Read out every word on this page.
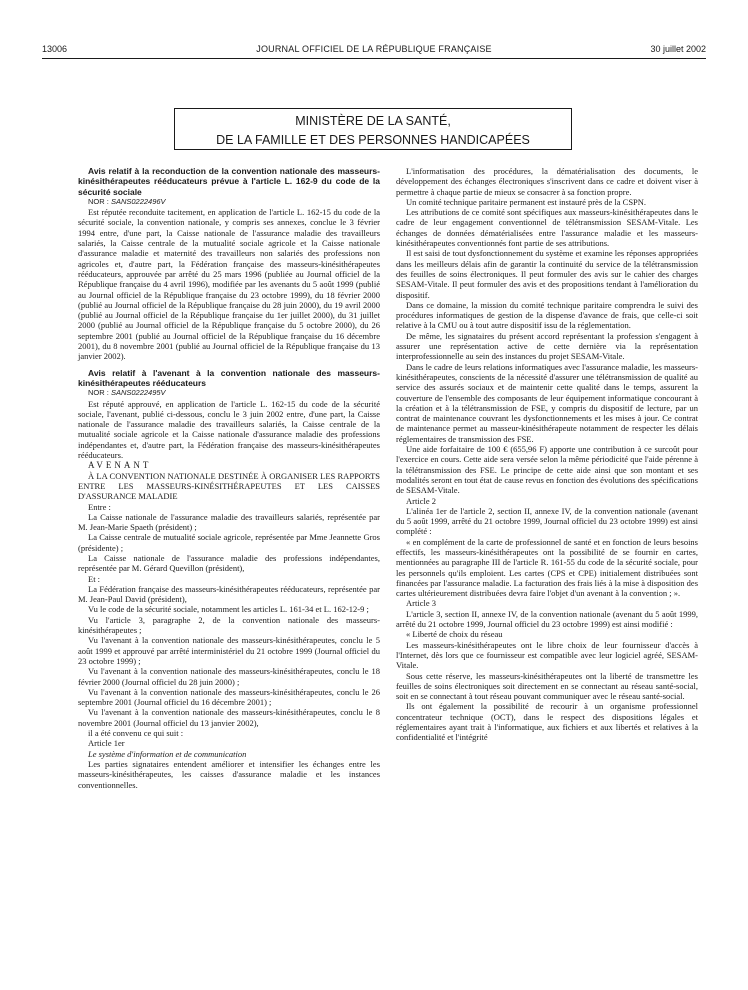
13006	JOURNAL OFFICIEL DE LA RÉPUBLIQUE FRANÇAISE	30 juillet 2002
MINISTÈRE DE LA SANTÉ,
DE LA FAMILLE ET DES PERSONNES HANDICAPÉES

Avis relatif à la reconduction de la convention nationale des masseurs-kinésithérapeutes rééducateurs prévue à l'article L. 162-9 du code de la sécurité sociale

NOR : SANS0222496V

Est réputée reconduite tacitement, en application de l'article L. 162-15 du code de la sécurité sociale, la convention nationale, y compris ses annexes, conclue le 3 février 1994 entre, d'une part, la Caisse nationale de l'assurance maladie des travailleurs salariés, la Caisse centrale de la mutualité sociale agricole et la Caisse nationale d'assurance maladie et maternité des travailleurs non salariés des professions non agricoles et, d'autre part, la Fédération française des masseurs-kinésithérapeutes rééducateurs, approuvée par arrêté du 25 mars 1996 (publiée au Journal officiel de la République française du 4 avril 1996), modifiée par les avenants du 5 août 1999 (publié au Journal officiel de la République française du 23 octobre 1999), du 18 février 2000 (publié au Journal officiel de la République française du 28 juin 2000), du 19 avril 2000 (publié au Journal officiel de la République française du 1er juillet 2000), du 31 juillet 2000 (publié au Journal officiel de la République française du 5 octobre 2000), du 26 septembre 2001 (publié au Journal officiel de la République française du 16 décembre 2001), du 8 novembre 2001 (publié au Journal officiel de la République française du 13 janvier 2002).

Avis relatif à l'avenant à la convention nationale des masseurs-kinésithérapeutes rééducateurs

NOR : SANS0222495V

Est réputé approuvé, en application de l'article L. 162-15 du code de la sécurité sociale, l'avenant, publié ci-dessous, conclu le 3 juin 2002 entre, d'une part, la Caisse nationale de l'assurance maladie des travailleurs salariés, la Caisse centrale de la mutualité sociale agricole et la Caisse nationale d'assurance maladie des professions indépendantes et, d'autre part, la Fédération française des masseurs-kinésithérapeutes rééducateurs.

AVENANT

À LA CONVENTION NATIONALE DESTINÉE À ORGANISER LES RAPPORTS ENTRE LES MASSEURS-KINÉSITHÉRAPEUTES ET LES CAISSES D'ASSURANCE MALADIE

Entre :

La Caisse nationale de l'assurance maladie des travailleurs salariés, représentée par M. Jean-Marie Spaeth (président) ;

La Caisse centrale de mutualité sociale agricole, représentée par Mme Jeannette Gros (présidente) ;

La Caisse nationale de l'assurance maladie des professions indépendantes, représentée par M. Gérard Quevillon (président),

Et :

La Fédération française des masseurs-kinésithérapeutes rééducateurs, représentée par M. Jean-Paul David (président),

Vu le code de la sécurité sociale, notamment les articles L. 161-34 et L. 162-12-9 ;

Vu l'article 3, paragraphe 2, de la convention nationale des masseurs-kinésithérapeutes ;

Vu l'avenant à la convention nationale des masseurs-kinésithérapeutes, conclu le 5 août 1999 et approuvé par arrêté interministériel du 21 octobre 1999 (Journal officiel du 23 octobre 1999) ;

Vu l'avenant à la convention nationale des masseurs-kinésithérapeutes, conclu le 18 février 2000 (Journal officiel du 28 juin 2000) ;

Vu l'avenant à la convention nationale des masseurs-kinésithérapeutes, conclu le 26 septembre 2001 (Journal officiel du 16 décembre 2001) ;

Vu l'avenant à la convention nationale des masseurs-kinésithérapeutes, conclu le 8 novembre 2001 (Journal officiel du 13 janvier 2002),

il a été convenu ce qui suit :

Article 1er

Le système d'information et de communication

Les parties signataires entendent améliorer et intensifier les échanges entre les masseurs-kinésithérapeutes, les caisses d'assurance maladie et les instances conventionnelles.

L'informatisation des procédures, la dématérialisation des documents, le développement des échanges électroniques s'inscrivent dans ce cadre et doivent viser à permettre à chaque partie de mieux se consacrer à sa fonction propre.

Un comité technique paritaire permanent est instauré près de la CSPN.

Les attributions de ce comité sont spécifiques aux masseurs-kinésithérapeutes dans le cadre de leur engagement conventionnel de télétransmission SESAM-Vitale. Les échanges de données dématérialisées entre l'assurance maladie et les masseurs-kinésithérapeutes conventionnés font partie de ses attributions.

Il est saisi de tout dysfonctionnement du système et examine les réponses appropriées dans les meilleurs délais afin de garantir la continuité du service de la télétransmission des feuilles de soins électroniques. Il peut formuler des avis sur le cahier des charges SESAM-Vitale. Il peut formuler des avis et des propositions tendant à l'amélioration du dispositif.

Dans ce domaine, la mission du comité technique paritaire comprendra le suivi des procédures informatiques de gestion de la dispense d'avance de frais, que celle-ci soit relative à la CMU ou à tout autre dispositif issu de la réglementation.

De même, les signataires du présent accord représentant la profession s'engagent à assurer une représentation active de cette dernière via la représentation interprofessionnelle au sein des instances du projet SESAM-Vitale.

Dans le cadre de leurs relations informatiques avec l'assurance maladie, les masseurs-kinésithérapeutes, conscients de la nécessité d'assurer une télétransmission de qualité au service des assurés sociaux et de maintenir cette qualité dans le temps, assurent la couverture de l'ensemble des composants de leur équipement informatique concourant à la création et à la télétransmission de FSE, y compris du dispositif de lecture, par un contrat de maintenance couvrant les dysfonctionnements et les mises à jour. Ce contrat de maintenance permet au masseur-kinésithérapeute notamment de respecter les délais réglementaires de transmission des FSE.

Une aide forfaitaire de 100 € (655,96 F) apporte une contribution à ce surcoût pour l'exercice en cours. Cette aide sera versée selon la même périodicité que l'aide pérenne à la télétransmission des FSE. Le principe de cette aide ainsi que son montant et ses modalités seront en tout état de cause revus en fonction des évolutions des spécifications de SESAM-Vitale.

Article 2

L'alinéa 1er de l'article 2, section II, annexe IV, de la convention nationale (avenant du 5 août 1999, arrêté du 21 octobre 1999, Journal officiel du 23 octobre 1999) est ainsi complété :

« en complément de la carte de professionnel de santé et en fonction de leurs besoins effectifs, les masseurs-kinésithérapeutes ont la possibilité de se fournir en cartes, mentionnées au paragraphe III de l'article R. 161-55 du code de la sécurité sociale, pour les personnels qu'ils emploient. Les cartes (CPS et CPE) initialement distribuées sont financées par l'assurance maladie. La facturation des frais liés à la mise à disposition des cartes ultérieurement distribuées devra faire l'objet d'un avenant à la convention ; ».

Article 3

L'article 3, section II, annexe IV, de la convention nationale (avenant du 5 août 1999, arrêté du 21 octobre 1999, Journal officiel du 23 octobre 1999) est ainsi modifié :

« Liberté de choix du réseau

Les masseurs-kinésithérapeutes ont le libre choix de leur fournisseur d'accès à l'Internet, dès lors que ce fournisseur est compatible avec leur logiciel agréé, SESAM-Vitale.

Sous cette réserve, les masseurs-kinésithérapeutes ont la liberté de transmettre les feuilles de soins électroniques soit directement en se connectant au réseau santé-social, soit en se connectant à tout réseau pouvant communiquer avec le réseau santé-social.

Ils ont également la possibilité de recourir à un organisme professionnel concentrateur technique (OCT), dans le respect des dispositions légales et réglementaires ayant trait à l'informatique, aux fichiers et aux libertés et relatives à la confidentialité et l'intégrité
